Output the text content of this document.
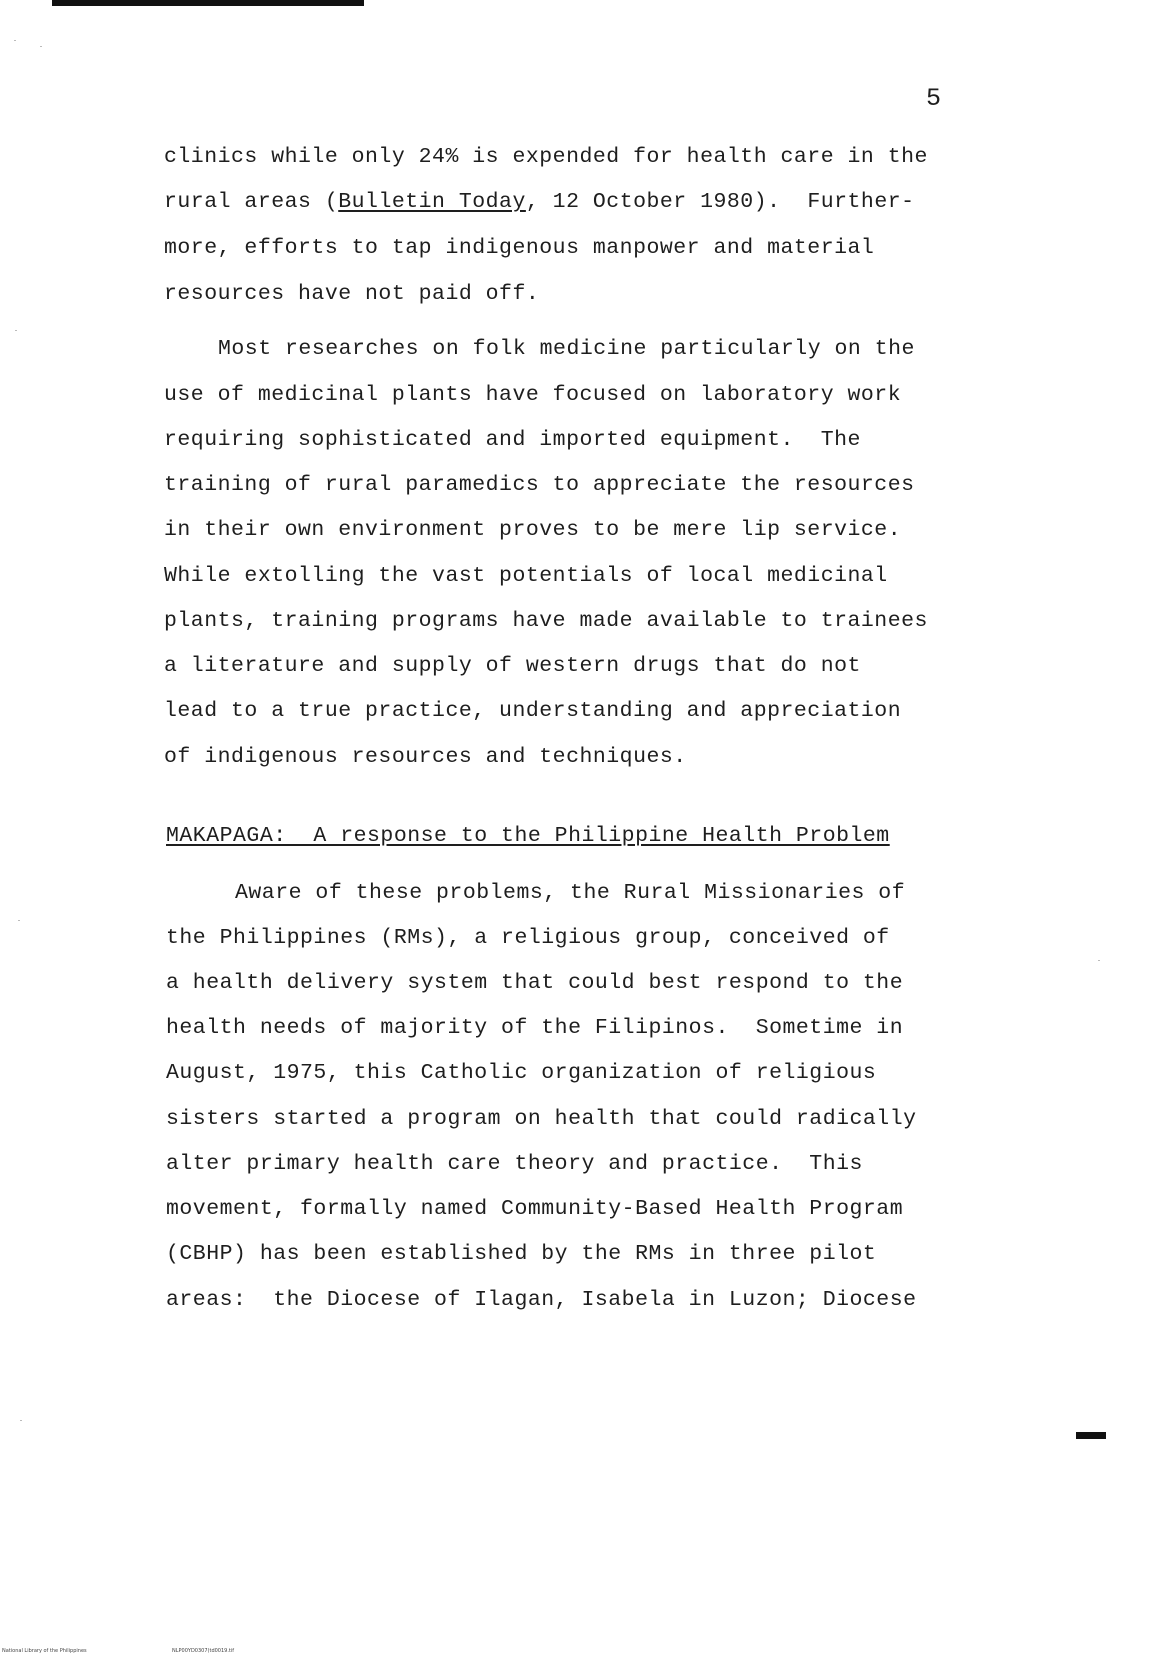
5
clinics while only 24% is expended for health care in the
rural areas (Bulletin Today, 12 October 1980).  Further-
more, efforts to tap indigenous manpower and material
resources have not paid off.
Most researches on folk medicine particularly on the
use of medicinal plants have focused on laboratory work
requiring sophisticated and imported equipment.  The
training of rural paramedics to appreciate the resources
in their own environment proves to be mere lip service.
While extolling the vast potentials of local medicinal
plants, training programs have made available to trainees
a literature and supply of western drugs that do not
lead to a true practice, understanding and appreciation
of indigenous resources and techniques.
MAKAPAGA:  A response to the Philippine Health Problem
Aware of these problems, the Rural Missionaries of
the Philippines (RMs), a religious group, conceived of
a health delivery system that could best respond to the
health needs of majority of the Filipinos.  Sometime in
August, 1975, this Catholic organization of religious
sisters started a program on health that could radically
alter primary health care theory and practice.  This
movement, formally named Community-Based Health Program
(CBHP) has been established by the RMs in three pilot
areas:  the Diocese of Ilagan, Isabela in Luzon; Diocese
National Library of the Philippines	NLP00YD0307(td0019.tif
